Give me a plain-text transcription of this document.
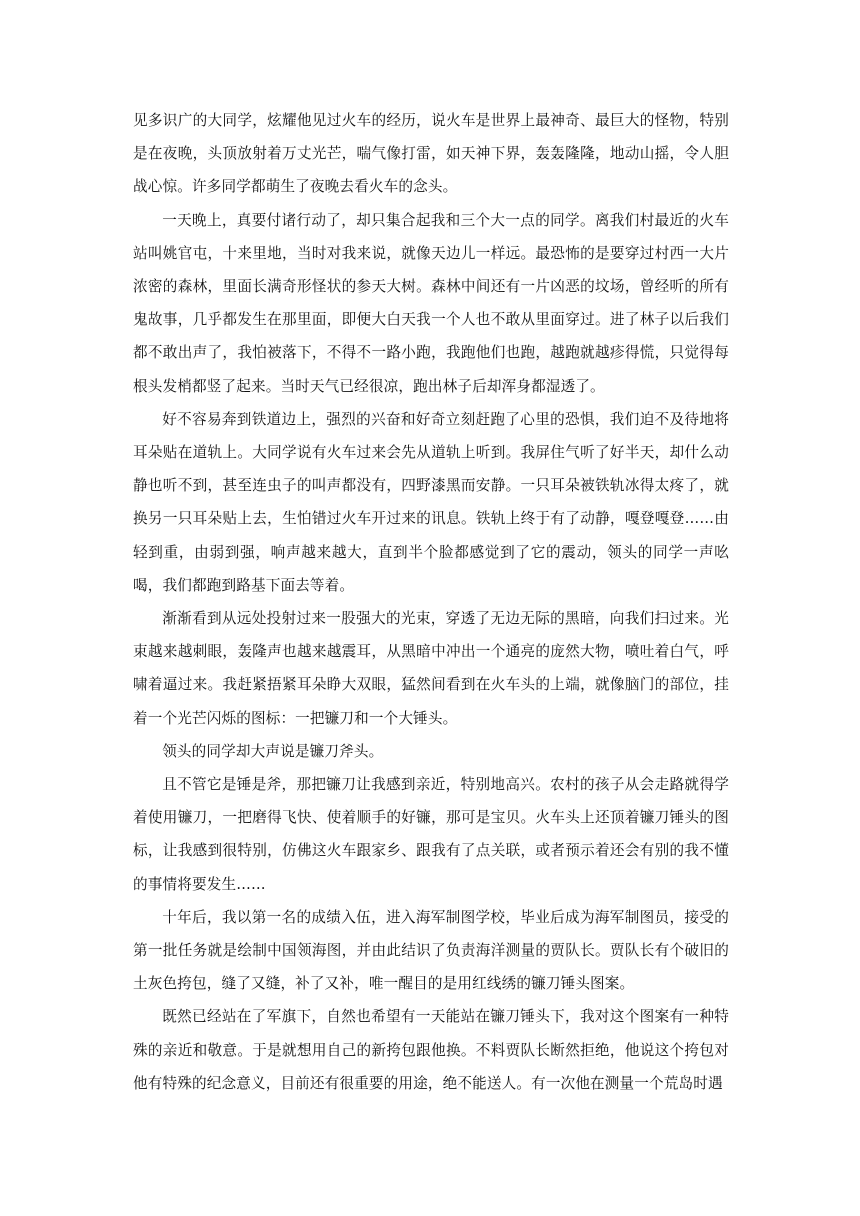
见多识广的大同学，炫耀他见过火车的经历，说火车是世界上最神奇、最巨大的怪物，特别是在夜晚，头顶放射着万丈光芒，喘气像打雷，如天神下界，轰轰隆隆，地动山摇，令人胆战心惊。许多同学都萌生了夜晚去看火车的念头。

一天晚上，真要付诸行动了，却只集合起我和三个大一点的同学。离我们村最近的火车站叫姚官屯，十来里地，当时对我来说，就像天边儿一样远。最恐怖的是要穿过村西一大片浓密的森林，里面长满奇形怪状的参天大树。森林中间还有一片凶恶的坟场，曾经听的所有鬼故事，几乎都发生在那里面，即便大白天我一个人也不敢从里面穿过。进了林子以后我们都不敢出声了，我怕被落下，不得不一路小跑，我跑他们也跑，越跑就越疹得慌，只觉得每根头发梢都竖了起来。当时天气已经很凉，跑出林子后却浑身都湿透了。

好不容易奔到铁道边上，强烈的兴奋和好奇立刻赶跑了心里的恐惧，我们迫不及待地将耳朵贴在道轨上。大同学说有火车过来会先从道轨上听到。我屏住气听了好半天，却什么动静也听不到，甚至连虫子的叫声都没有，四野漆黑而安静。一只耳朵被铁轨冰得太疼了，就换另一只耳朵贴上去，生怕错过火车开过来的讯息。铁轨上终于有了动静，嘎登嘎登……由轻到重，由弱到强，响声越来越大，直到半个脸都感觉到了它的震动，领头的同学一声吆喝，我们都跑到路基下面去等着。

渐渐看到从远处投射过来一股强大的光束，穿透了无边无际的黑暗，向我们扫过来。光束越来越刺眼，轰隆声也越来越震耳，从黑暗中冲出一个通亮的庞然大物，喷吐着白气，呼啸着逼过来。我赶紧捂紧耳朵睁大双眼，猛然间看到在火车头的上端，就像脑门的部位，挂着一个光芒闪烁的图标：一把镰刀和一个大锤头。

领头的同学却大声说是镰刀斧头。

且不管它是锤是斧，那把镰刀让我感到亲近，特别地高兴。农村的孩子从会走路就得学着使用镰刀，一把磨得飞快、使着顺手的好镰，那可是宝贝。火车头上还顶着镰刀锤头的图标，让我感到很特别，仿佛这火车跟家乡、跟我有了点关联，或者预示着还会有别的我不懂的事情将要发生……

十年后，我以第一名的成绩入伍，进入海军制图学校，毕业后成为海军制图员，接受的第一批任务就是绘制中国领海图，并由此结识了负责海洋测量的贾队长。贾队长有个破旧的土灰色挎包，缝了又缝，补了又补，唯一醒目的是用红线绣的镰刀锤头图案。

既然已经站在了军旗下，自然也希望有一天能站在镰刀锤头下，我对这个图案有一种特殊的亲近和敬意。于是就想用自己的新挎包跟他换。不料贾队长断然拒绝，他说这个挎包对他有特殊的纪念意义，目前还有很重要的用途，绝不能送人。有一次他在测量一个荒岛时遇
